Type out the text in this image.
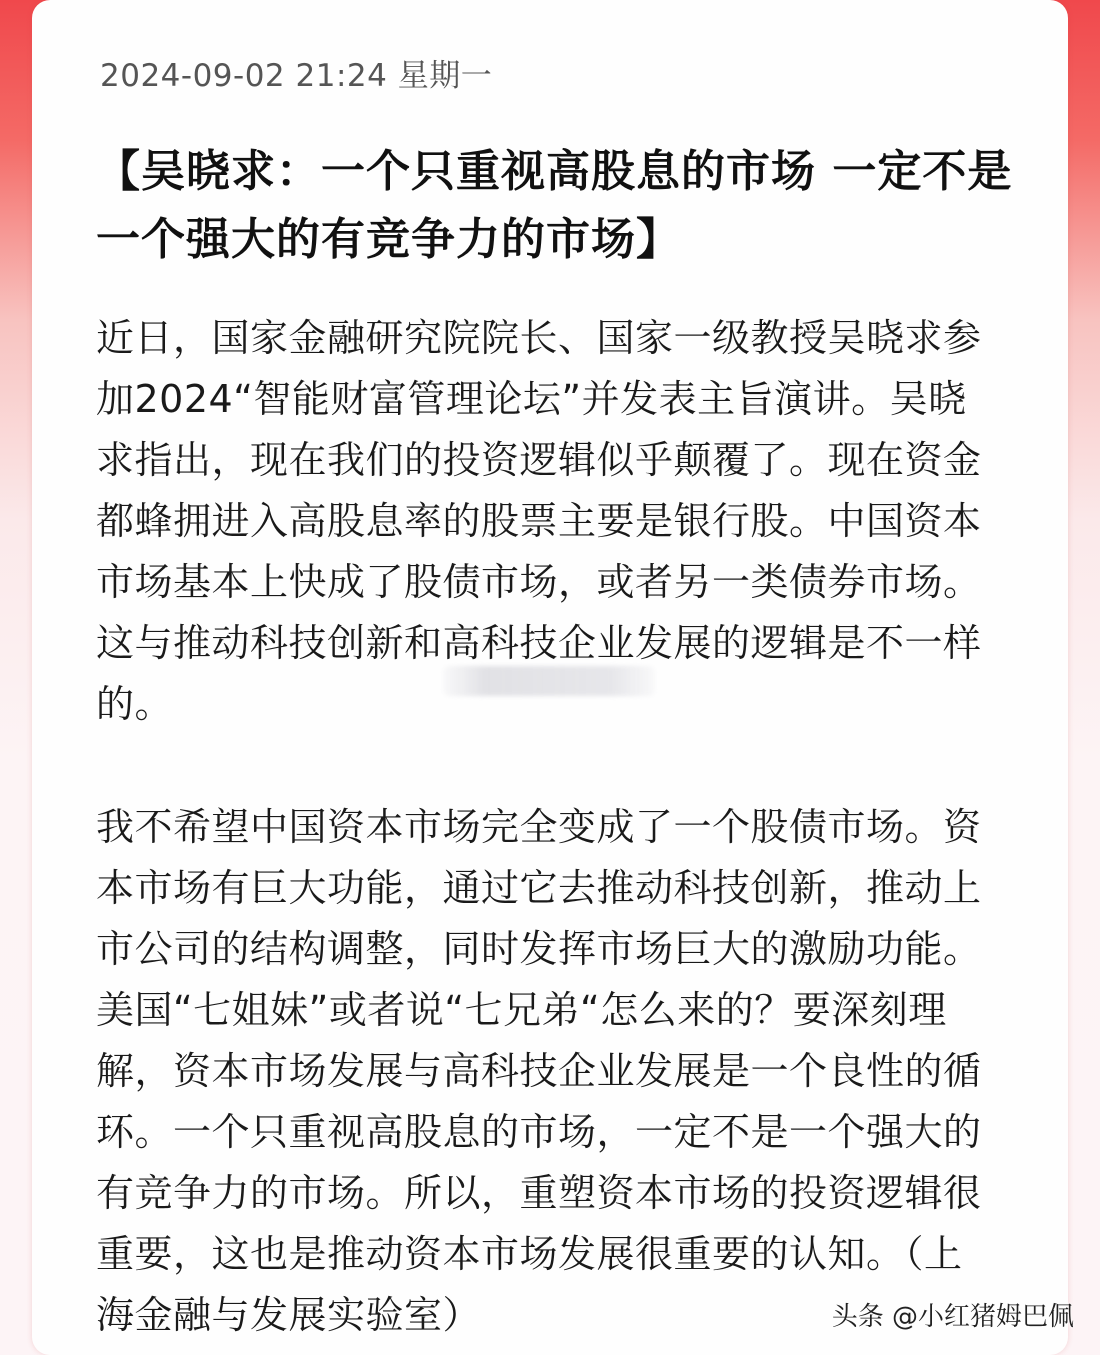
2024-09-02 21:24 星期一
【吴晓求：一个只重视高股息的市场 一定不是
一个强大的有竞争力的市场】
近日，国家金融研究院院长、国家一级教授吴晓求参
加2024“智能财富管理论坛”并发表主旨演讲。吴晓
求指出，现在我们的投资逻辑似乎颠覆了。现在资金
都蜂拥进入高股息率的股票主要是银行股。中国资本
市场基本上快成了股债市场，或者另一类债券市场。
这与推动科技创新和高科技企业发展的逻辑是不一样
的。
我不希望中国资本市场完全变成了一个股债市场。资
本市场有巨大功能，通过它去推动科技创新，推动上
市公司的结构调整，同时发挥市场巨大的激励功能。
美国“七姐妹”或者说“七兄弟“怎么来的？要深刻理
解，资本市场发展与高科技企业发展是一个良性的循
环。一个只重视高股息的市场，一定不是一个强大的
有竞争力的市场。所以，重塑资本市场的投资逻辑很
重要，这也是推动资本市场发展很重要的认知。（上
海金融与发展实验室）	头条 @小红猪姆巴佩
